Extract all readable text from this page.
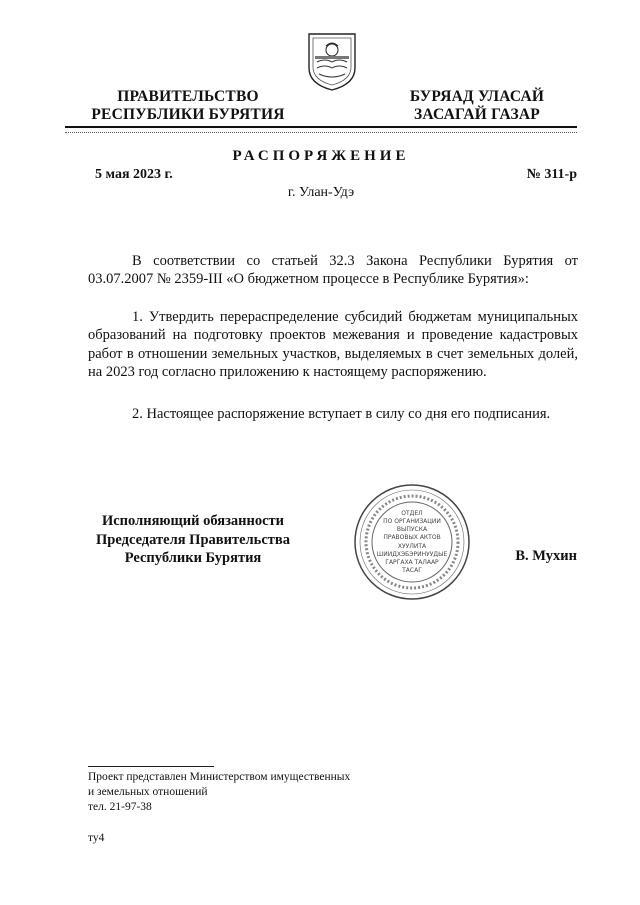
ПРАВИТЕЛЬСТВО
РЕСПУБЛИКИ БУРЯТИЯ
БУРЯАД УЛАСАЙ
ЗАСАГАЙ ГАЗАР
РАСПОРЯЖЕНИЕ
5 мая 2023 г.	№ 311-р
г. Улан-Удэ
В соответствии со статьей 32.3 Закона Республики Бурятия от 03.07.2007 № 2359-III «О бюджетном процессе в Республике Бурятия»:
1. Утвердить перераспределение субсидий бюджетам муниципальных образований на подготовку проектов межевания и проведение кадастровых работ в отношении земельных участков, выделяемых в счет земельных долей, на 2023 год согласно приложению к настоящему распоряжению.
2. Настоящее распоряжение вступает в силу со дня его подписания.
Исполняющий обязанности
Председателя Правительства
Республики Бурятия
ОТДЕЛ
ПО ОРГАНИЗАЦИИ
ВЫПУСКА
ПРАВОВЫХ АКТОВ
ХУУЛИТА
ШИИДХЭБЭРИНУУДЫЕ
ГАРГАХА ТАЛААР
ТАСАГ
В. Мухин
Проект представлен Министерством имущественных
и земельных отношений
тел. 21-97-38
ту4
